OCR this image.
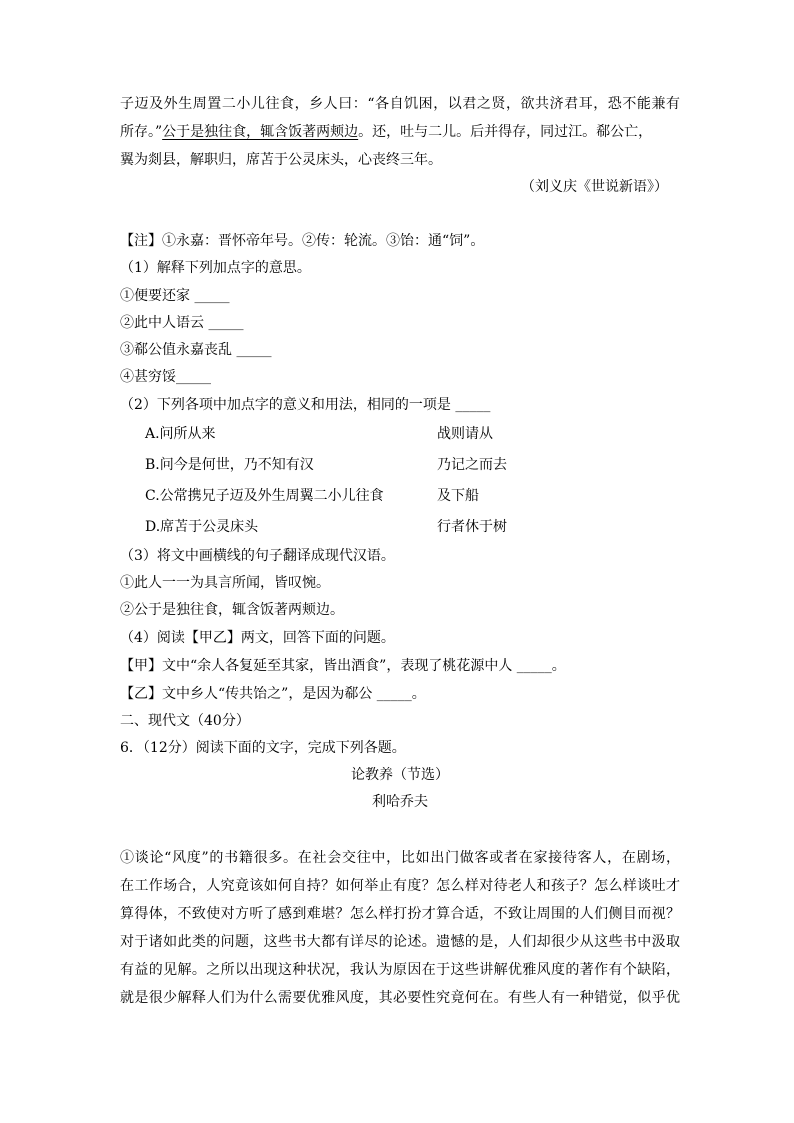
子迈及外生周置二小儿往食，乡人曰：“各自饥困，以君之贤，欲共济君耳，恐不能兼有
所存。”公于是独往食，辄含饭著两颊边。还，吐与二儿。后并得存，同过江。郗公亡，
翼为剡县，解职归，席苫于公灵床头，心丧终三年。
（刘义庆《世说新语》）
【注】①永嘉：晋怀帝年号。②传：轮流。③饴：通“饲”。
（1）解释下列加点字的意思。
①便要还家 _____
②此中人语云 _____
③郗公值永嘉丧乱 _____
④甚穷馁_____
（2）下列各项中加点字的意义和用法，相同的一项是 _____
A.问所从来	战则请从
B.问今是何世，乃不知有汉	乃记之而去
C.公常携兄子迈及外生周翼二小儿往食	及下船
D.席苫于公灵床头	行者休于树
（3）将文中画横线的句子翻译成现代汉语。
①此人一一为具言所闻，皆叹惋。
②公于是独往食，辄含饭著两颊边。
（4）阅读【甲乙】两文，回答下面的问题。
【甲】文中“余人各复延至其家，皆出酒食”，表现了桃花源中人 _____。
【乙】文中乡人“传共饴之”，是因为郗公 _____。
二、现代文（40分）
6．（12分）阅读下面的文字，完成下列各题。
论教养（节选）
利哈乔夫
①谈论“风度”的书籍很多。在社会交往中，比如出门做客或者在家接待客人，在剧场，
在工作场合，人究竟该如何自持？如何举止有度？怎么样对待老人和孩子？怎么样谈吐才
算得体，不致使对方听了感到难堪？怎么样打扮才算合适，不致让周围的人们侧目而视？
对于诸如此类的问题，这些书大都有详尽的论述。遗憾的是，人们却很少从这些书中汲取
有益的见解。之所以出现这种状况，我认为原因在于这些讲解优雅风度的著作有个缺陷，
就是很少解释人们为什么需要优雅风度，其必要性究竟何在。有些人有一种错觉，似乎优
